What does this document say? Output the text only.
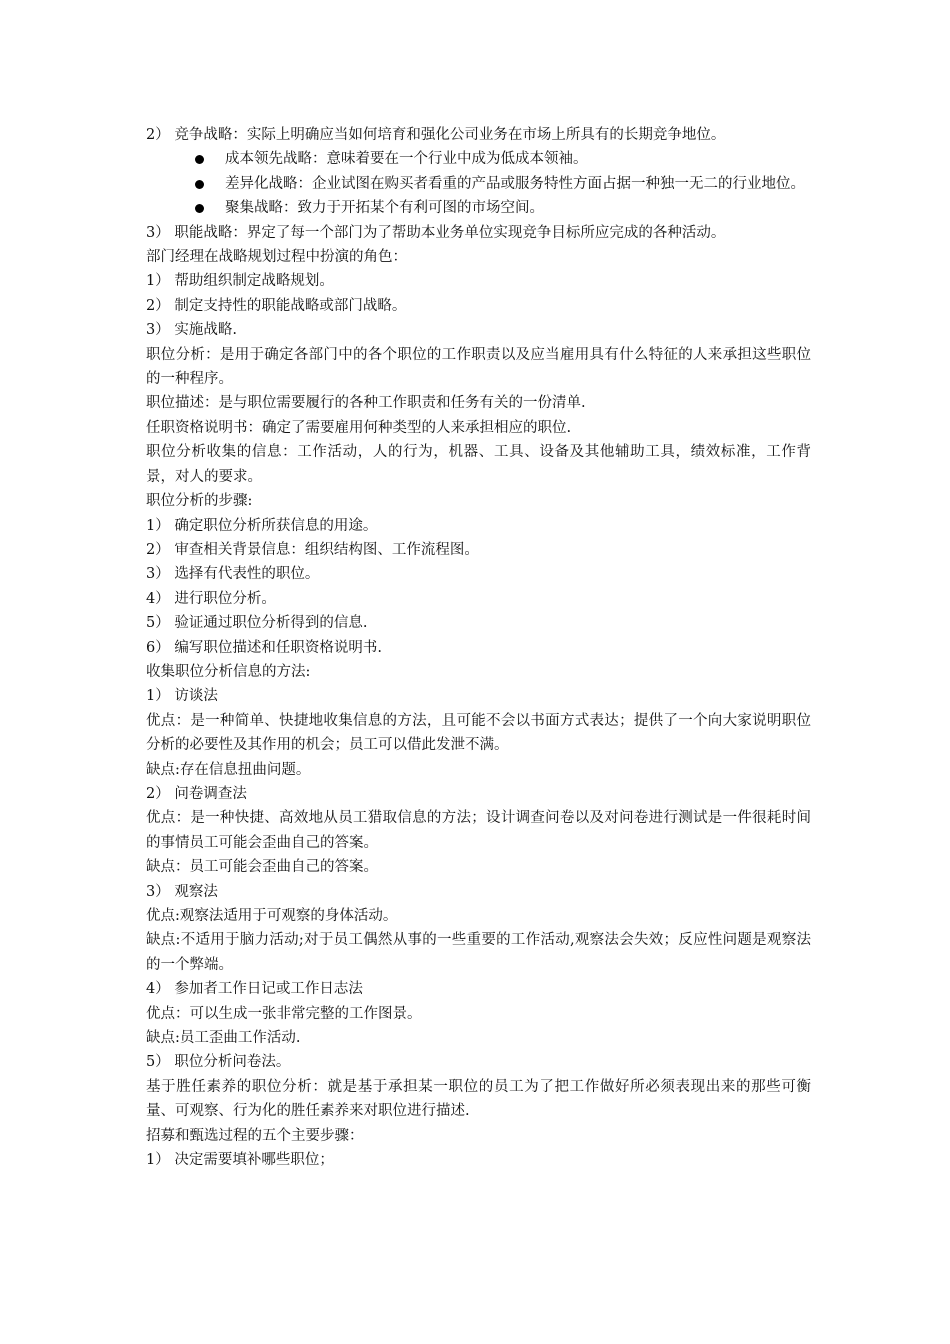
2） 竞争战略：实际上明确应当如何培育和强化公司业务在市场上所具有的长期竞争地位。

成本领先战略：意味着要在一个行业中成为低成本领袖。

差异化战略：企业试图在购买者看重的产品或服务特性方面占据一种独一无二的行业地位。

聚集战略：致力于开拓某个有利可图的市场空间。

3） 职能战略：界定了每一个部门为了帮助本业务单位实现竞争目标所应完成的各种活动。

部门经理在战略规划过程中扮演的角色：

1） 帮助组织制定战略规划。

2） 制定支持性的职能战略或部门战略。

3） 实施战略.

职位分析：是用于确定各部门中的各个职位的工作职责以及应当雇用具有什么特征的人来承担这些职位的一种程序。

职位描述：是与职位需要履行的各种工作职责和任务有关的一份清单.

任职资格说明书：确定了需要雇用何种类型的人来承担相应的职位.

职位分析收集的信息：工作活动，人的行为，机器、工具、设备及其他辅助工具，绩效标准，工作背景，对人的要求。

职位分析的步骤:

1） 确定职位分析所获信息的用途。

2） 审查相关背景信息：组织结构图、工作流程图。

3） 选择有代表性的职位。

4） 进行职位分析。

5） 验证通过职位分析得到的信息.

6） 编写职位描述和任职资格说明书.

收集职位分析信息的方法:

1） 访谈法

优点：是一种简单、快捷地收集信息的方法，且可能不会以书面方式表达；提供了一个向大家说明职位分析的必要性及其作用的机会；员工可以借此发泄不满。

缺点:存在信息扭曲问题。

2） 问卷调查法

优点：是一种快捷、高效地从员工猎取信息的方法；设计调查问卷以及对问卷进行测试是一件很耗时间的事情员工可能会歪曲自己的答案。

缺点：员工可能会歪曲自己的答案。

3） 观察法

优点:观察法适用于可观察的身体活动。

缺点:不适用于脑力活动;对于员工偶然从事的一些重要的工作活动,观察法会失效；反应性问题是观察法的一个弊端。

4） 参加者工作日记或工作日志法

优点：可以生成一张非常完整的工作图景。

缺点:员工歪曲工作活动.

5） 职位分析问卷法。

基于胜任素养的职位分析：就是基于承担某一职位的员工为了把工作做好所必须表现出来的那些可衡量、可观察、行为化的胜任素养来对职位进行描述.

招募和甄选过程的五个主要步骤：

1） 决定需要填补哪些职位；
